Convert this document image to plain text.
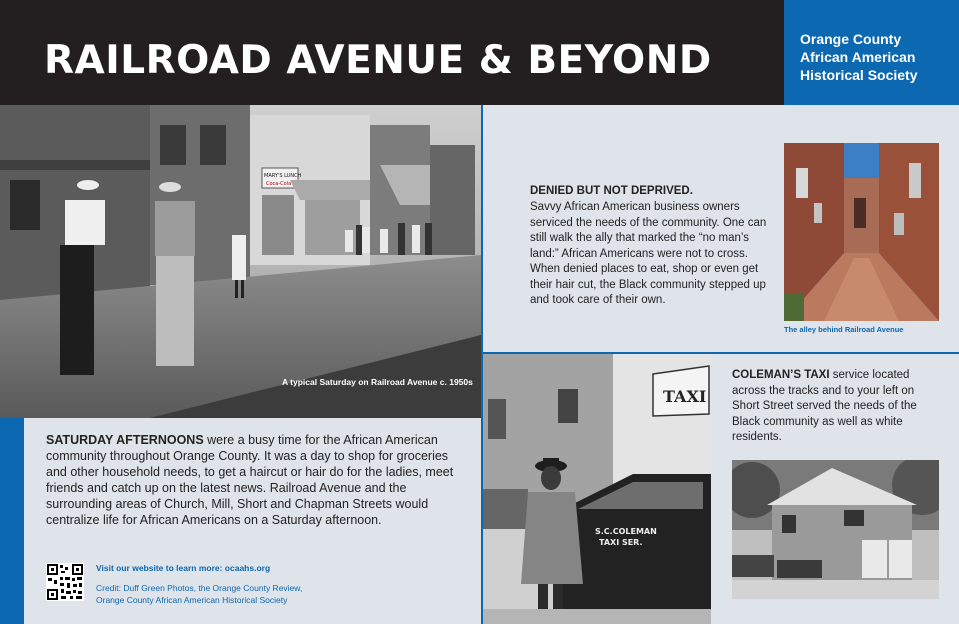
RAILROAD AVENUE & BEYOND	Orange County
African American
Historical Society
MARY'S LUNCH
Coca-Cola
A typical Saturday on Railroad Avenue c. 1950s
SATURDAY AFTERNOONS were a busy time for the African American community throughout Orange County. It was a day to shop for groceries and other household needs, to get a haircut or hair do for the ladies, meet friends and catch up on the latest news. Railroad Avenue and the surrounding areas of Church, Mill, Short and Chapman Streets would centralize life for African Americans on a Saturday afternoon.
Visit our website to learn more: ocaahs.org
Credit: Duff Green Photos, the Orange County Review,
Orange County African American Historical Society
DENIED BUT NOT DEPRIVED.
Savvy African American business owners serviced the needs of the community. One can still walk the ally that marked the “no man’s land:” African Americans were not to cross. When denied places to eat, shop or even get their hair cut, the Black community stepped up and took care of their own.
The alley behind Railroad Avenue
TAXI
S.C.COLEMAN
TAXI SER.
COLEMAN’S TAXI service located across the tracks and to your left on Short Street served the needs of the Black community as well as white residents.
